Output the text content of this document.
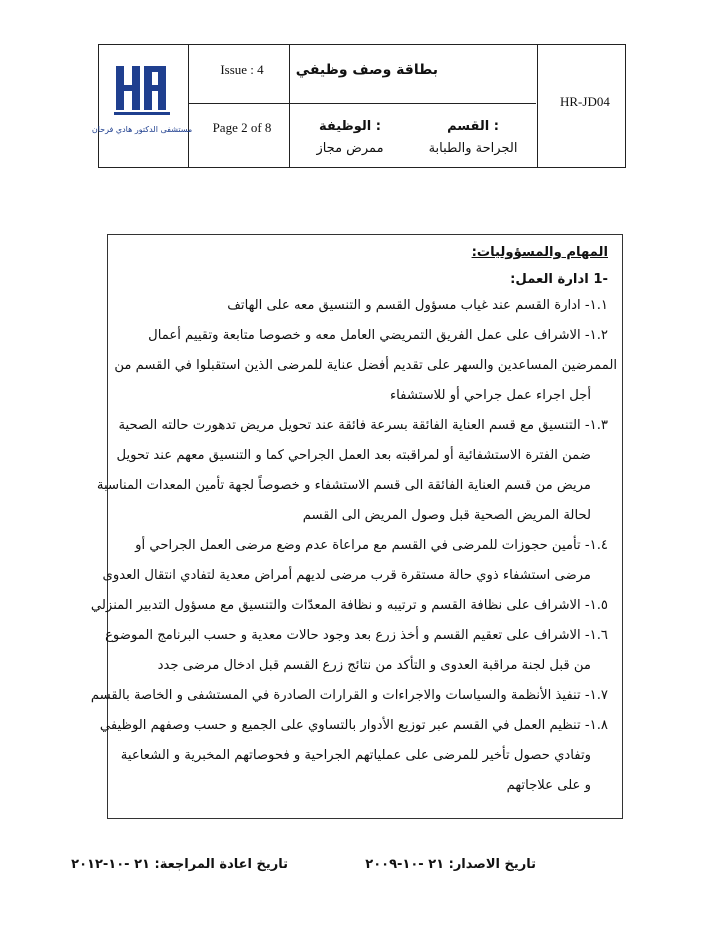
مستشفى الدكتور هادي فرحان
Issue : 4
Page 2 of 8
بطاقة وصف وظيفي
HR-JD04
: الوظيفة
ممرض مجاز
: القسم
الجراحة والطبابة
المهام والمسؤوليات:
-1 ادارة العمل:
١.١- ادارة القسم عند غياب مسؤول القسم و التنسيق معه على الهاتف
١.٢- الاشراف على عمل الفريق التمريضي العامل معه و خصوصا متابعة وتقييم أعمال
الممرضين المساعدين والسهر على تقديم أفضل عناية للمرضى الذين استقبلوا في القسم من
أجل اجراء عمل جراحي أو للاستشفاء
١.٣- التنسيق مع قسم العناية الفائقة بسرعة فائقة عند تحويل مريض تدهورت حالته الصحية
ضمن الفترة الاستشفائية أو لمراقبته بعد العمل الجراحي كما و التنسيق معهم عند تحويل
مريض من قسم العناية الفائقة الى قسم الاستشفاء و خصوصاً لجهة تأمين المعدات المناسبة
لحالة المريض الصحية قبل وصول المريض الى القسم
١.٤- تأمين حجوزات للمرضى في القسم مع مراعاة عدم وضع مرضى العمل الجراحي أو
مرضى استشفاء ذوي حالة مستقرة قرب مرضى لديهم أمراض معدية لتفادي انتقال العدوى
١.٥- الاشراف على نظافة القسم و ترتيبه و نظافة المعدّات والتنسيق مع مسؤول التدبير المنزلي
١.٦- الاشراف على تعقيم القسم و أخذ زرع بعد وجود حالات معدية و حسب البرنامج الموضوع
من قبل لجنة مراقبة العدوى و التأكد من نتائج زرع القسم قبل ادخال مرضى جدد
١.٧- تنفيذ الأنظمة والسياسات والاجراءات و القرارات الصادرة في المستشفى و الخاصة بالقسم
١.٨- تنظيم العمل في القسم عبر توزيع الأدوار بالتساوي على الجميع و حسب وصفهم الوظيفي
وتفادي حصول تأخير للمرضى على عملياتهم الجراحية و فحوصاتهم المخبرية و الشعاعية
و على علاجاتهم
تاريخ الاصدار: ٢١ -١٠-٢٠٠٩
تاريخ اعادة المراجعة: ٢١ -١٠-٢٠١٢
